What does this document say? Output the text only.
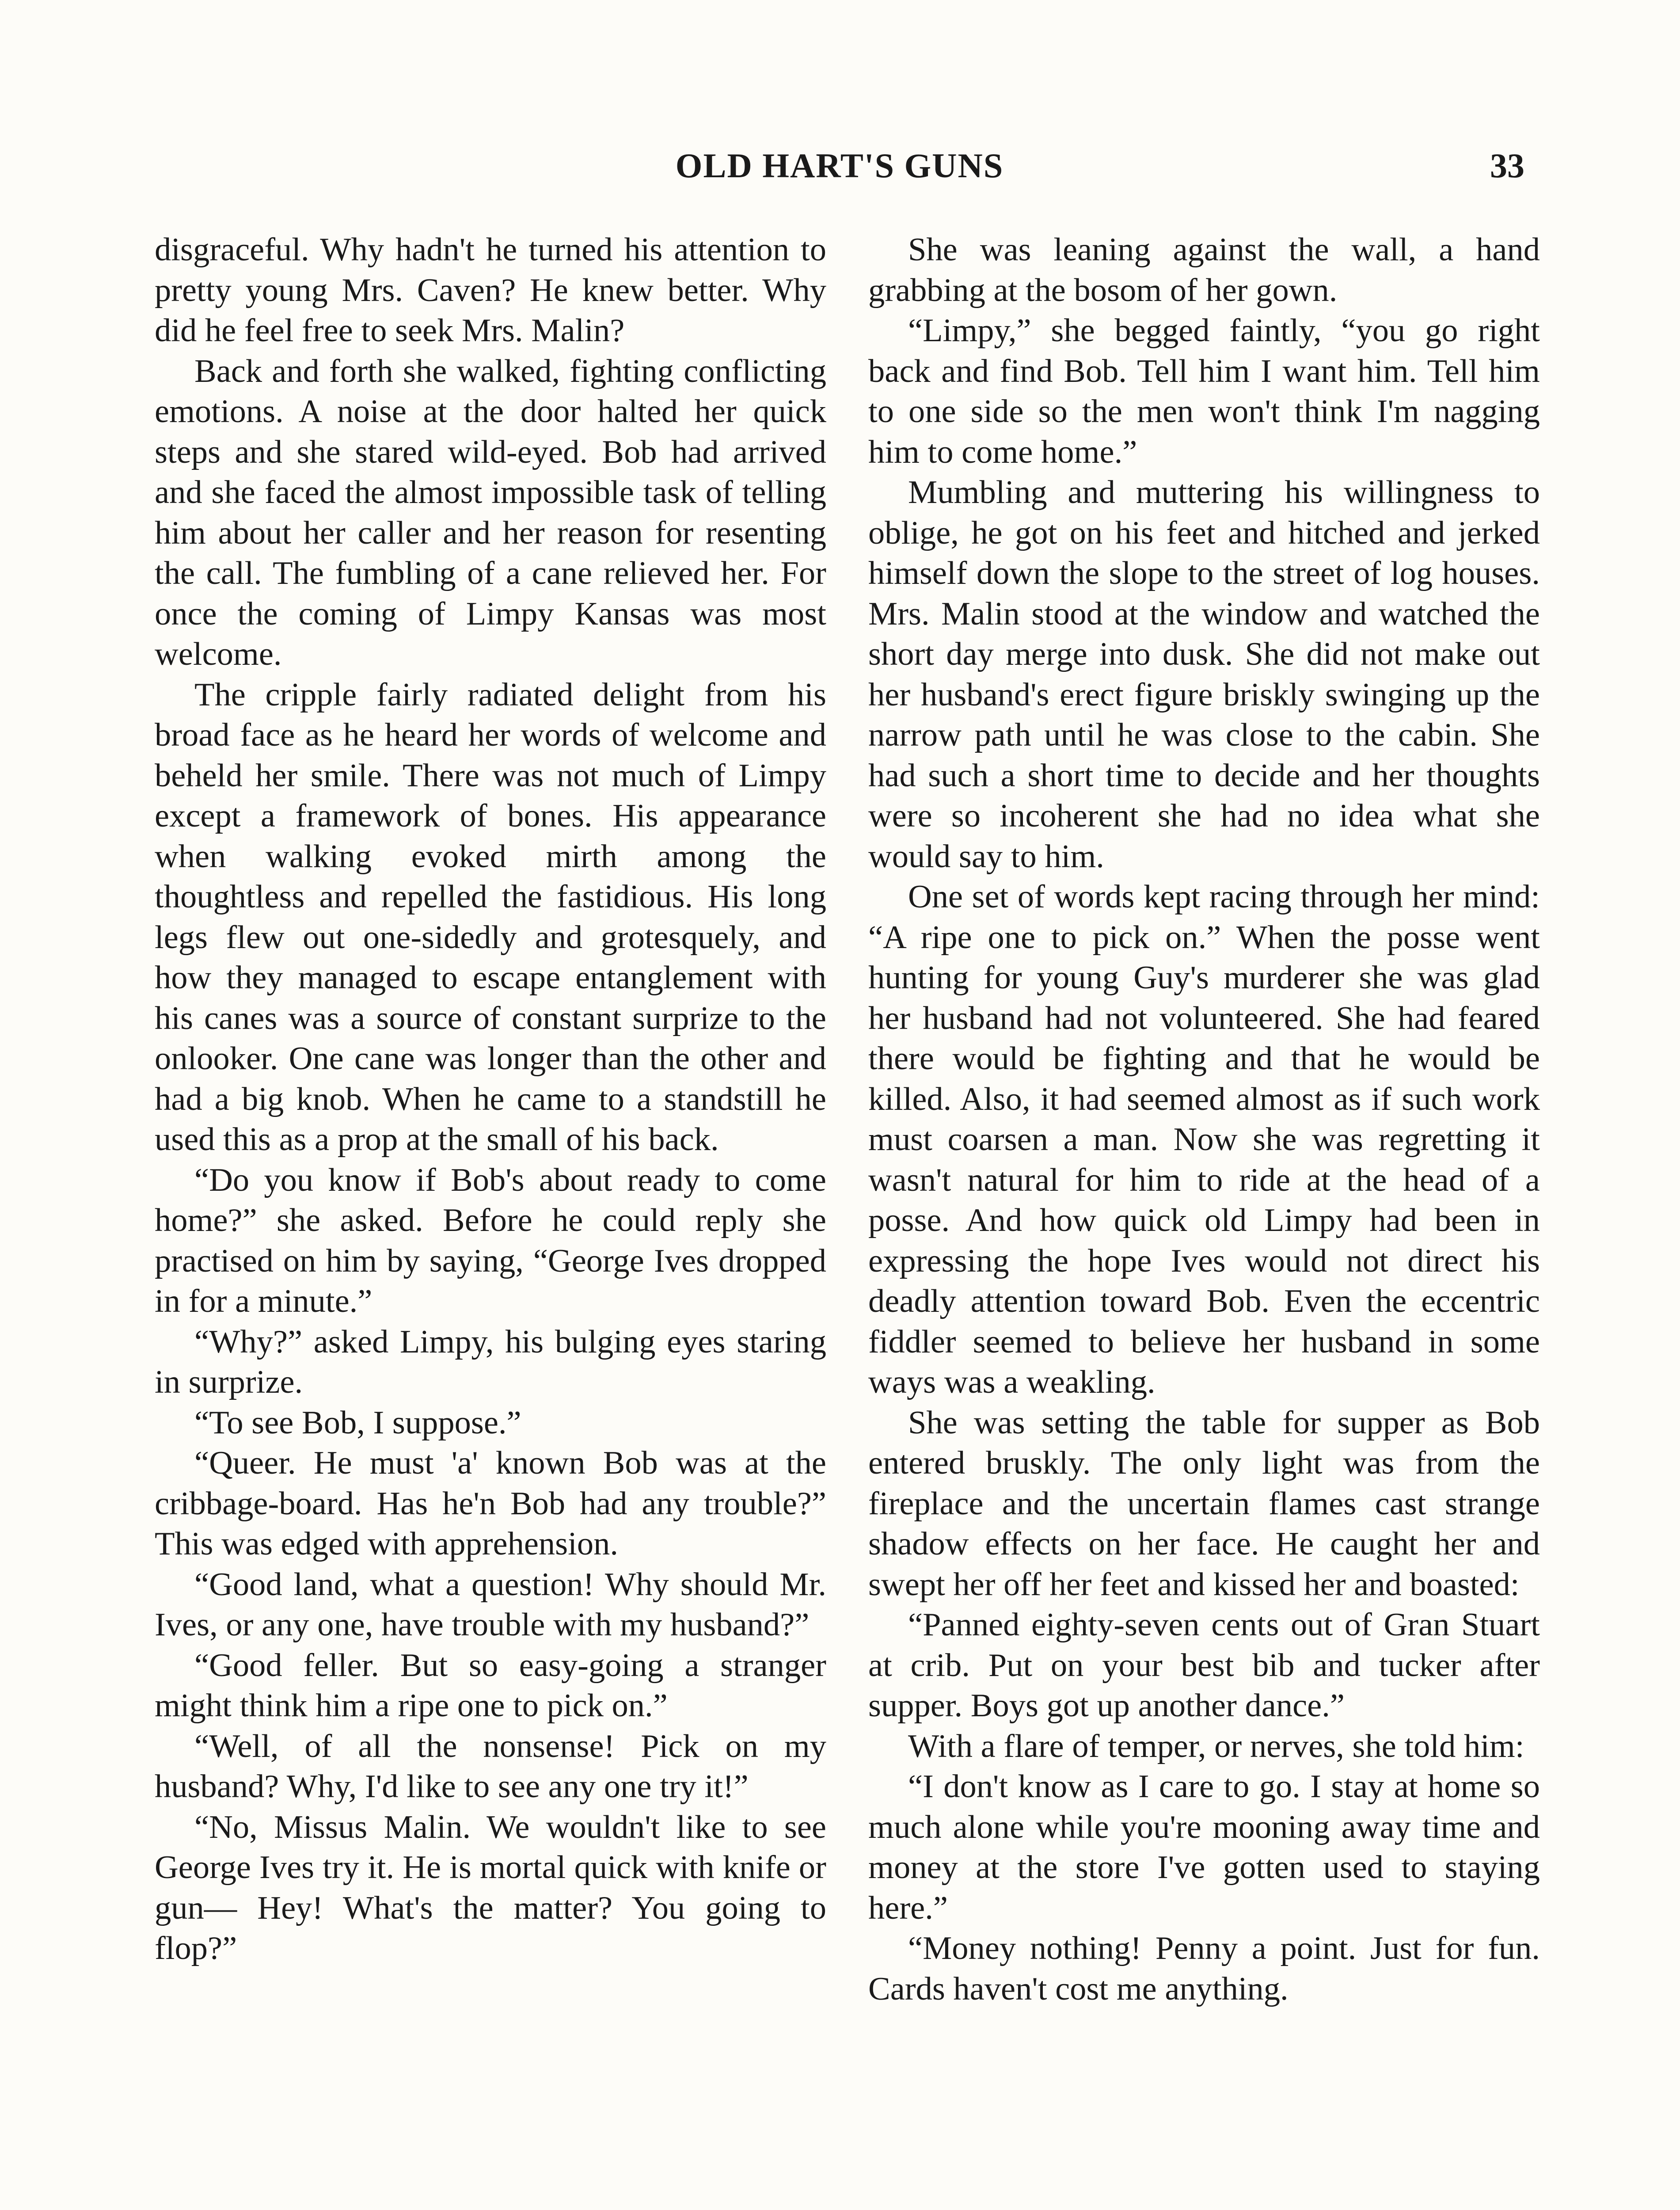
OLD HART'S GUNS	33

disgraceful. Why hadn't he turned his attention to pretty young Mrs. Caven? He knew better. Why did he feel free to seek Mrs. Malin?

Back and forth she walked, fighting conflicting emotions. A noise at the door halted her quick steps and she stared wild-eyed. Bob had arrived and she faced the almost impossible task of telling him about her caller and her reason for resenting the call. The fumbling of a cane relieved her. For once the coming of Limpy Kansas was most welcome.

The cripple fairly radiated delight from his broad face as he heard her words of welcome and beheld her smile. There was not much of Limpy except a framework of bones. His appearance when walking evoked mirth among the thoughtless and repelled the fastidious. His long legs flew out one-sidedly and grotesquely, and how they managed to escape entanglement with his canes was a source of constant surprize to the onlooker. One cane was longer than the other and had a big knob. When he came to a standstill he used this as a prop at the small of his back.

“Do you know if Bob's about ready to come home?” she asked. Before he could reply she practised on him by saying, “George Ives dropped in for a minute.”

“Why?” asked Limpy, his bulging eyes staring in surprize.

“To see Bob, I suppose.”

“Queer. He must 'a' known Bob was at the cribbage-board. Has he'n Bob had any trouble?” This was edged with apprehension.

“Good land, what a question! Why should Mr. Ives, or any one, have trouble with my husband?”

“Good feller. But so easy-going a stranger might think him a ripe one to pick on.”

“Well, of all the nonsense! Pick on my husband? Why, I'd like to see any one try it!”

“No, Missus Malin. We wouldn't like to see George Ives try it. He is mortal quick with knife or gun— Hey! What's the matter? You going to flop?”

She was leaning against the wall, a hand grabbing at the bosom of her gown.

“Limpy,” she begged faintly, “you go right back and find Bob. Tell him I want him. Tell him to one side so the men won't think I'm nagging him to come home.”

Mumbling and muttering his willingness to oblige, he got on his feet and hitched and jerked himself down the slope to the street of log houses. Mrs. Malin stood at the window and watched the short day merge into dusk. She did not make out her husband's erect figure briskly swinging up the narrow path until he was close to the cabin. She had such a short time to decide and her thoughts were so incoherent she had no idea what she would say to him.

One set of words kept racing through her mind: “A ripe one to pick on.” When the posse went hunting for young Guy's murderer she was glad her husband had not volunteered. She had feared there would be fighting and that he would be killed. Also, it had seemed almost as if such work must coarsen a man. Now she was regretting it wasn't natural for him to ride at the head of a posse. And how quick old Limpy had been in expressing the hope Ives would not direct his deadly attention toward Bob. Even the eccentric fiddler seemed to believe her husband in some ways was a weakling.

She was setting the table for supper as Bob entered bruskly. The only light was from the fireplace and the uncertain flames cast strange shadow effects on her face. He caught her and swept her off her feet and kissed her and boasted:

“Panned eighty-seven cents out of Gran Stuart at crib. Put on your best bib and tucker after supper. Boys got up another dance.”

With a flare of temper, or nerves, she told him:

“I don't know as I care to go. I stay at home so much alone while you're mooning away time and money at the store I've gotten used to staying here.”

“Money nothing! Penny a point. Just for fun. Cards haven't cost me anything.
